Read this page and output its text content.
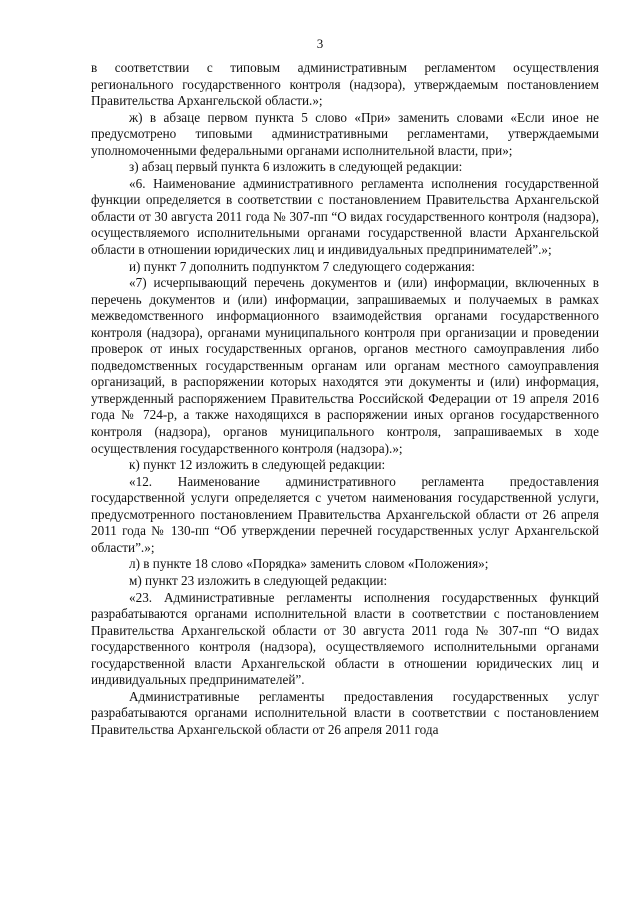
3

в соответствии с типовым административным регламентом осуществления регионального государственного контроля (надзора), утверждаемым постановлением Правительства Архангельской области.»;

ж) в абзаце первом пункта 5 слово «При» заменить словами «Если иное не предусмотрено типовыми административными регламентами, утверждаемыми уполномоченными федеральными органами исполнительной власти, при»;

з) абзац первый пункта 6 изложить в следующей редакции:

«6. Наименование административного регламента исполнения государственной функции определяется в соответствии с постановлением Правительства Архангельской области от 30 августа 2011 года № 307-пп “О видах государственного контроля (надзора), осуществляемого исполнительными органами государственной власти Архангельской области в отношении юридических лиц и индивидуальных предпринимателей”.»;

и) пункт 7 дополнить подпунктом 7 следующего содержания:

«7) исчерпывающий перечень документов и (или) информации, включенных в перечень документов и (или) информации, запрашиваемых и получаемых в рамках межведомственного информационного взаимодействия органами государственного контроля (надзора), органами муниципального контроля при организации и проведении проверок от иных государственных органов, органов местного самоуправления либо подведомственных государственным органам или органам местного самоуправления организаций, в распоряжении которых находятся эти документы и (или) информация, утвержденный распоряжением Правительства Российской Федерации от 19 апреля 2016 года № 724-р, а также находящихся в распоряжении иных органов государственного контроля (надзора), органов муниципального контроля, запрашиваемых в ходе осуществления государственного контроля (надзора).»;

к) пункт 12 изложить в следующей редакции:

«12. Наименование административного регламента предоставления государственной услуги определяется с учетом наименования государственной услуги, предусмотренного постановлением Правительства Архангельской области от 26 апреля 2011 года № 130-пп “Об утверждении перечней государственных услуг Архангельской области”.»;

л) в пункте 18 слово «Порядка» заменить словом «Положения»;

м) пункт 23 изложить в следующей редакции:

«23. Административные регламенты исполнения государственных функций разрабатываются органами исполнительной власти в соответствии с постановлением Правительства Архангельской области от 30 августа 2011 года № 307-пп “О видах государственного контроля (надзора), осуществляемого исполнительными органами государственной власти Архангельской области в отношении юридических лиц и индивидуальных предпринимателей”.

Административные регламенты предоставления государственных услуг разрабатываются органами исполнительной власти в соответствии с постановлением Правительства Архангельской области от 26 апреля 2011 года
